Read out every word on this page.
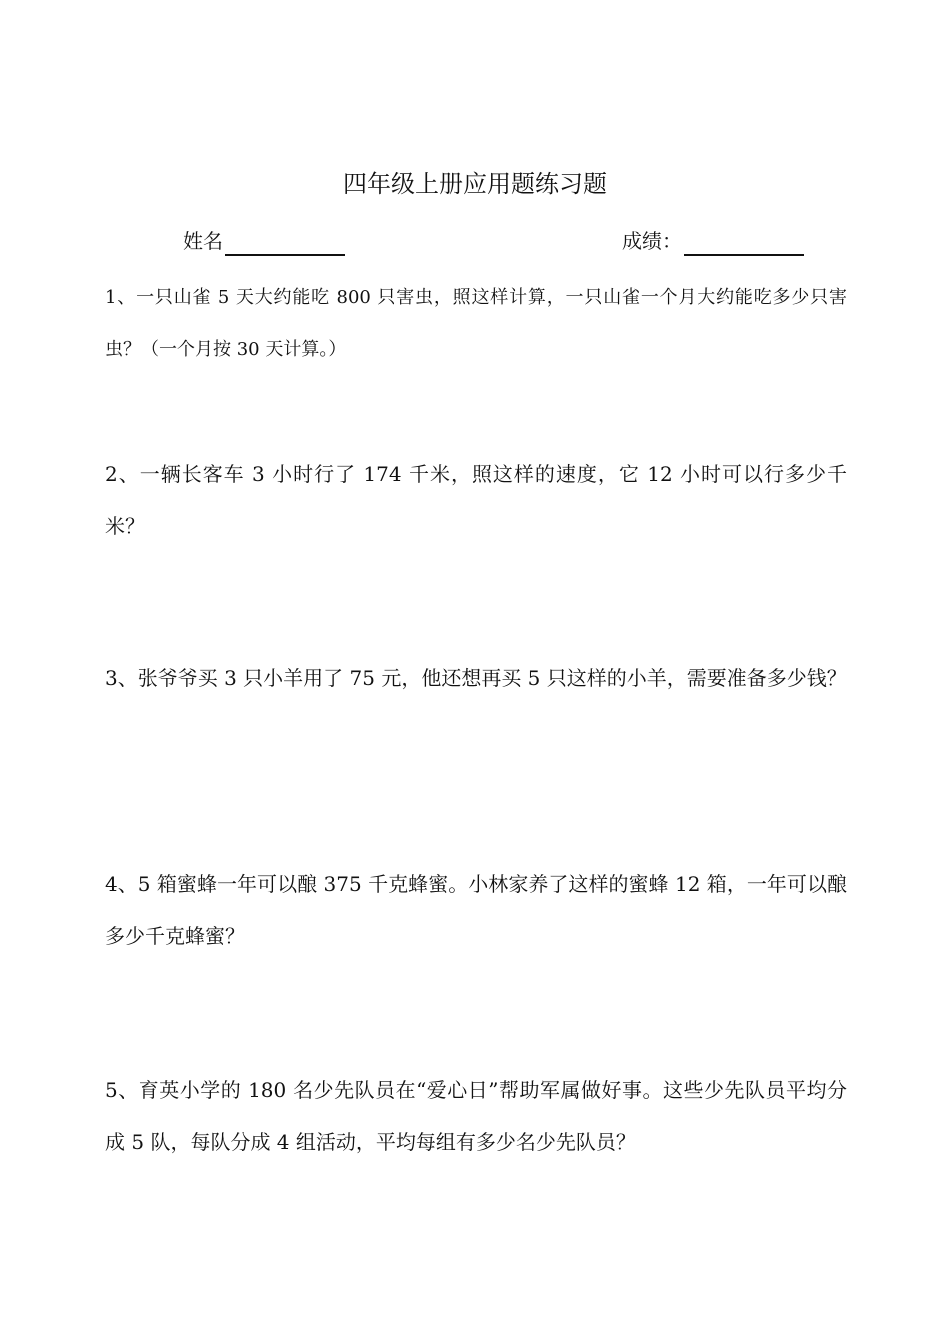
四年级上册应用题练习题
姓名	成绩：
1、一只山雀 5 天大约能吃 800 只害虫，照这样计算，一只山雀一个月大约能吃多少只害虫？（一个月按 30 天计算。）
2、一辆长客车 3 小时行了 174 千米，照这样的速度，它 12 小时可以行多少千米？
3、张爷爷买 3 只小羊用了 75 元，他还想再买 5 只这样的小羊，需要准备多少钱？
4、5 箱蜜蜂一年可以酿 375 千克蜂蜜。小林家养了这样的蜜蜂 12 箱，一年可以酿多少千克蜂蜜？
5、育英小学的 180 名少先队员在“爱心日”帮助军属做好事。这些少先队员平均分成 5 队，每队分成 4 组活动，平均每组有多少名少先队员？
